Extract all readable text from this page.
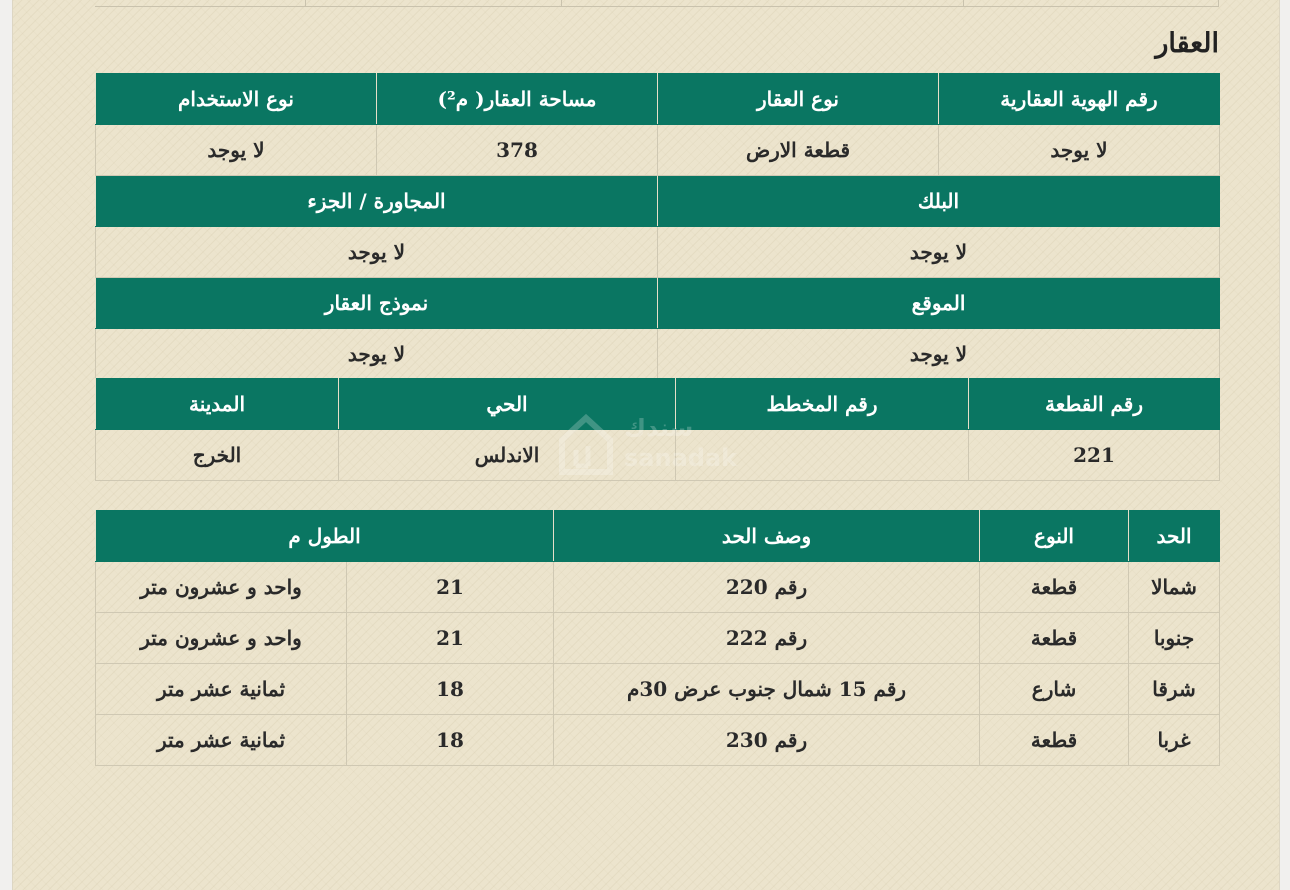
العقار
رقم الهوية العقارية	نوع العقار	مساحة العقار( م²)	نوع الاستخدام
لا يوجد	قطعة الارض	378	لا يوجد
البلك		المجاورة / الجزء	
لا يوجد		لا يوجد	
الموقع		نموذج العقار	
لا يوجد		لا يوجد	
رقم القطعة	رقم المخطط	الحي	المدينة
221		الاندلس	الخرج
الحد	النوع	وصف الحد	الطول م	
شمالا	قطعة	رقم 220	21	واحد و عشرون متر
جنوبا	قطعة	رقم 222	21	واحد و عشرون متر
شرقا	شارع	رقم 15 شمال جنوب عرض 30م	18	ثمانية عشر متر
غربا	قطعة	رقم 230	18	ثمانية عشر متر
سندك
sanadak
